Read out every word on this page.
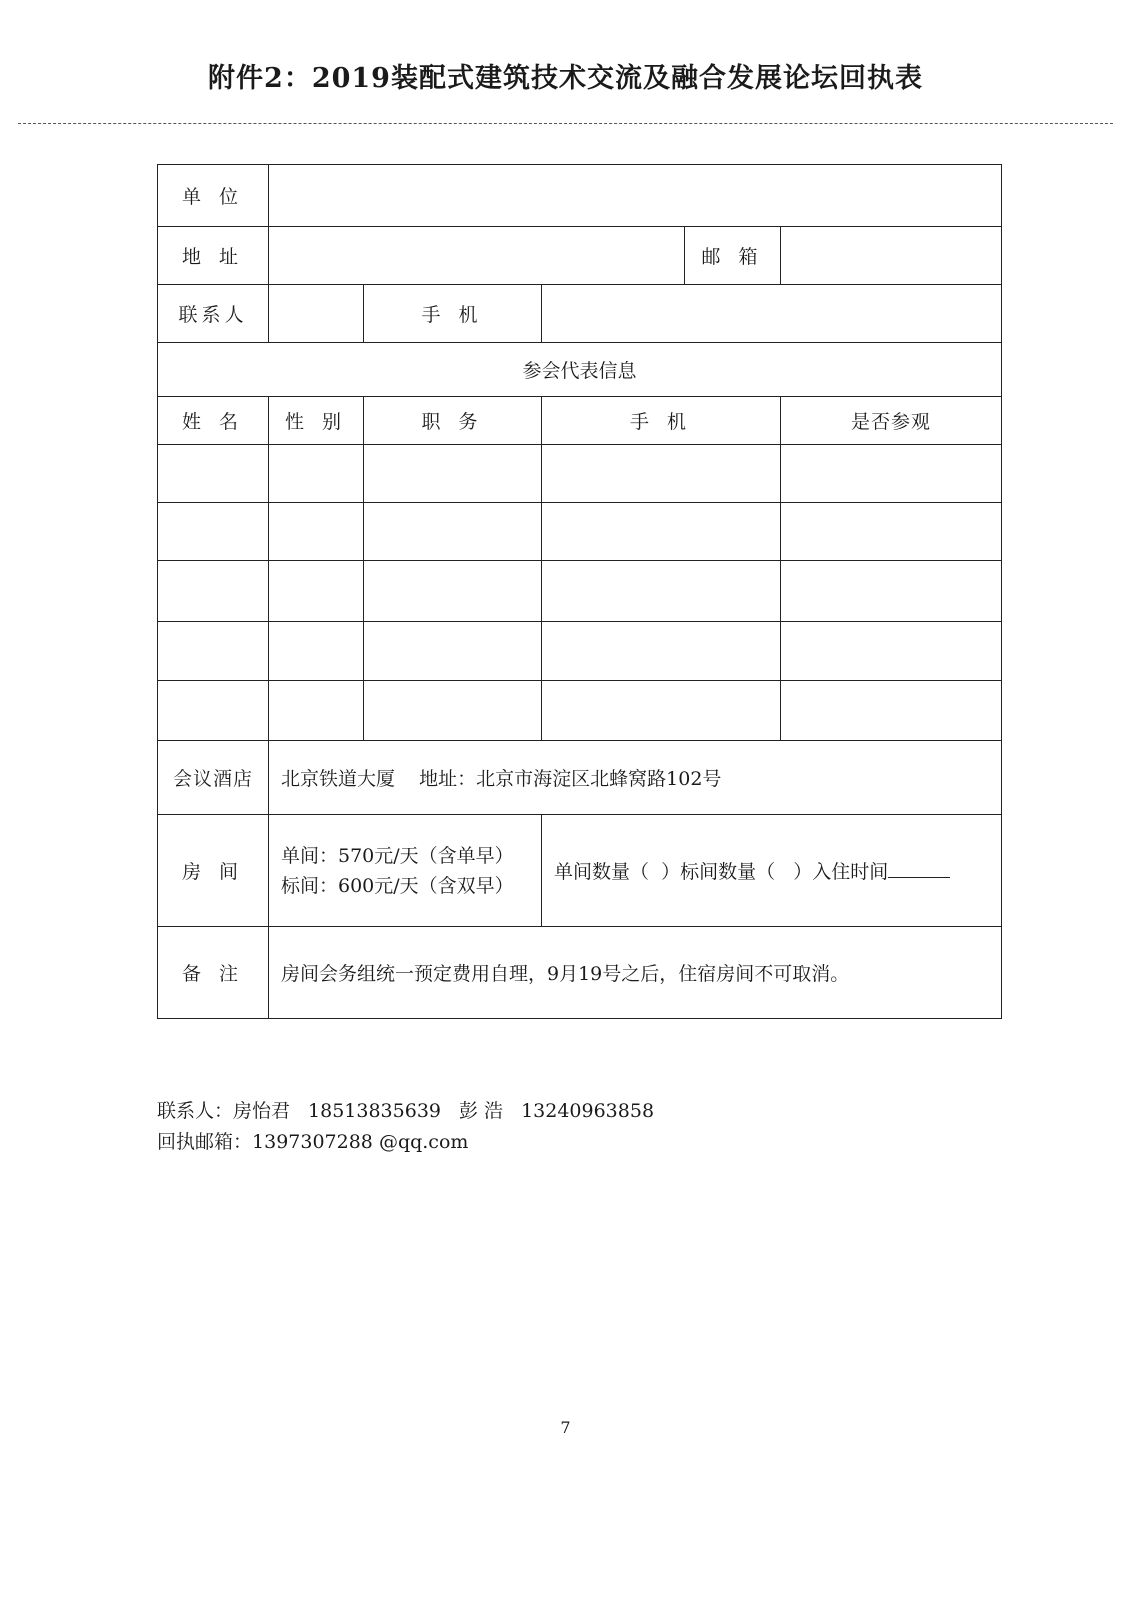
附件2：2019装配式建筑技术交流及融合发展论坛回执表
单 位					
地 址				邮 箱	
联系人		手 机			
参会代表信息					
姓 名	性 别	职 务	手 机		是否参观

会议酒店	北京铁道大厦    地址：北京市海淀区北蜂窝路102号				
房 间	单间：570元/天（含单早）
标间：600元/天（含双早）		单间数量（  ）标间数量（   ）入住时间		
备 注	房间会务组统一预定费用自理，9月19号之后，住宿房间不可取消。				
联系人：房怡君 18513835639 彭 浩 13240963858
回执邮箱：1397307288 @qq.com
7
